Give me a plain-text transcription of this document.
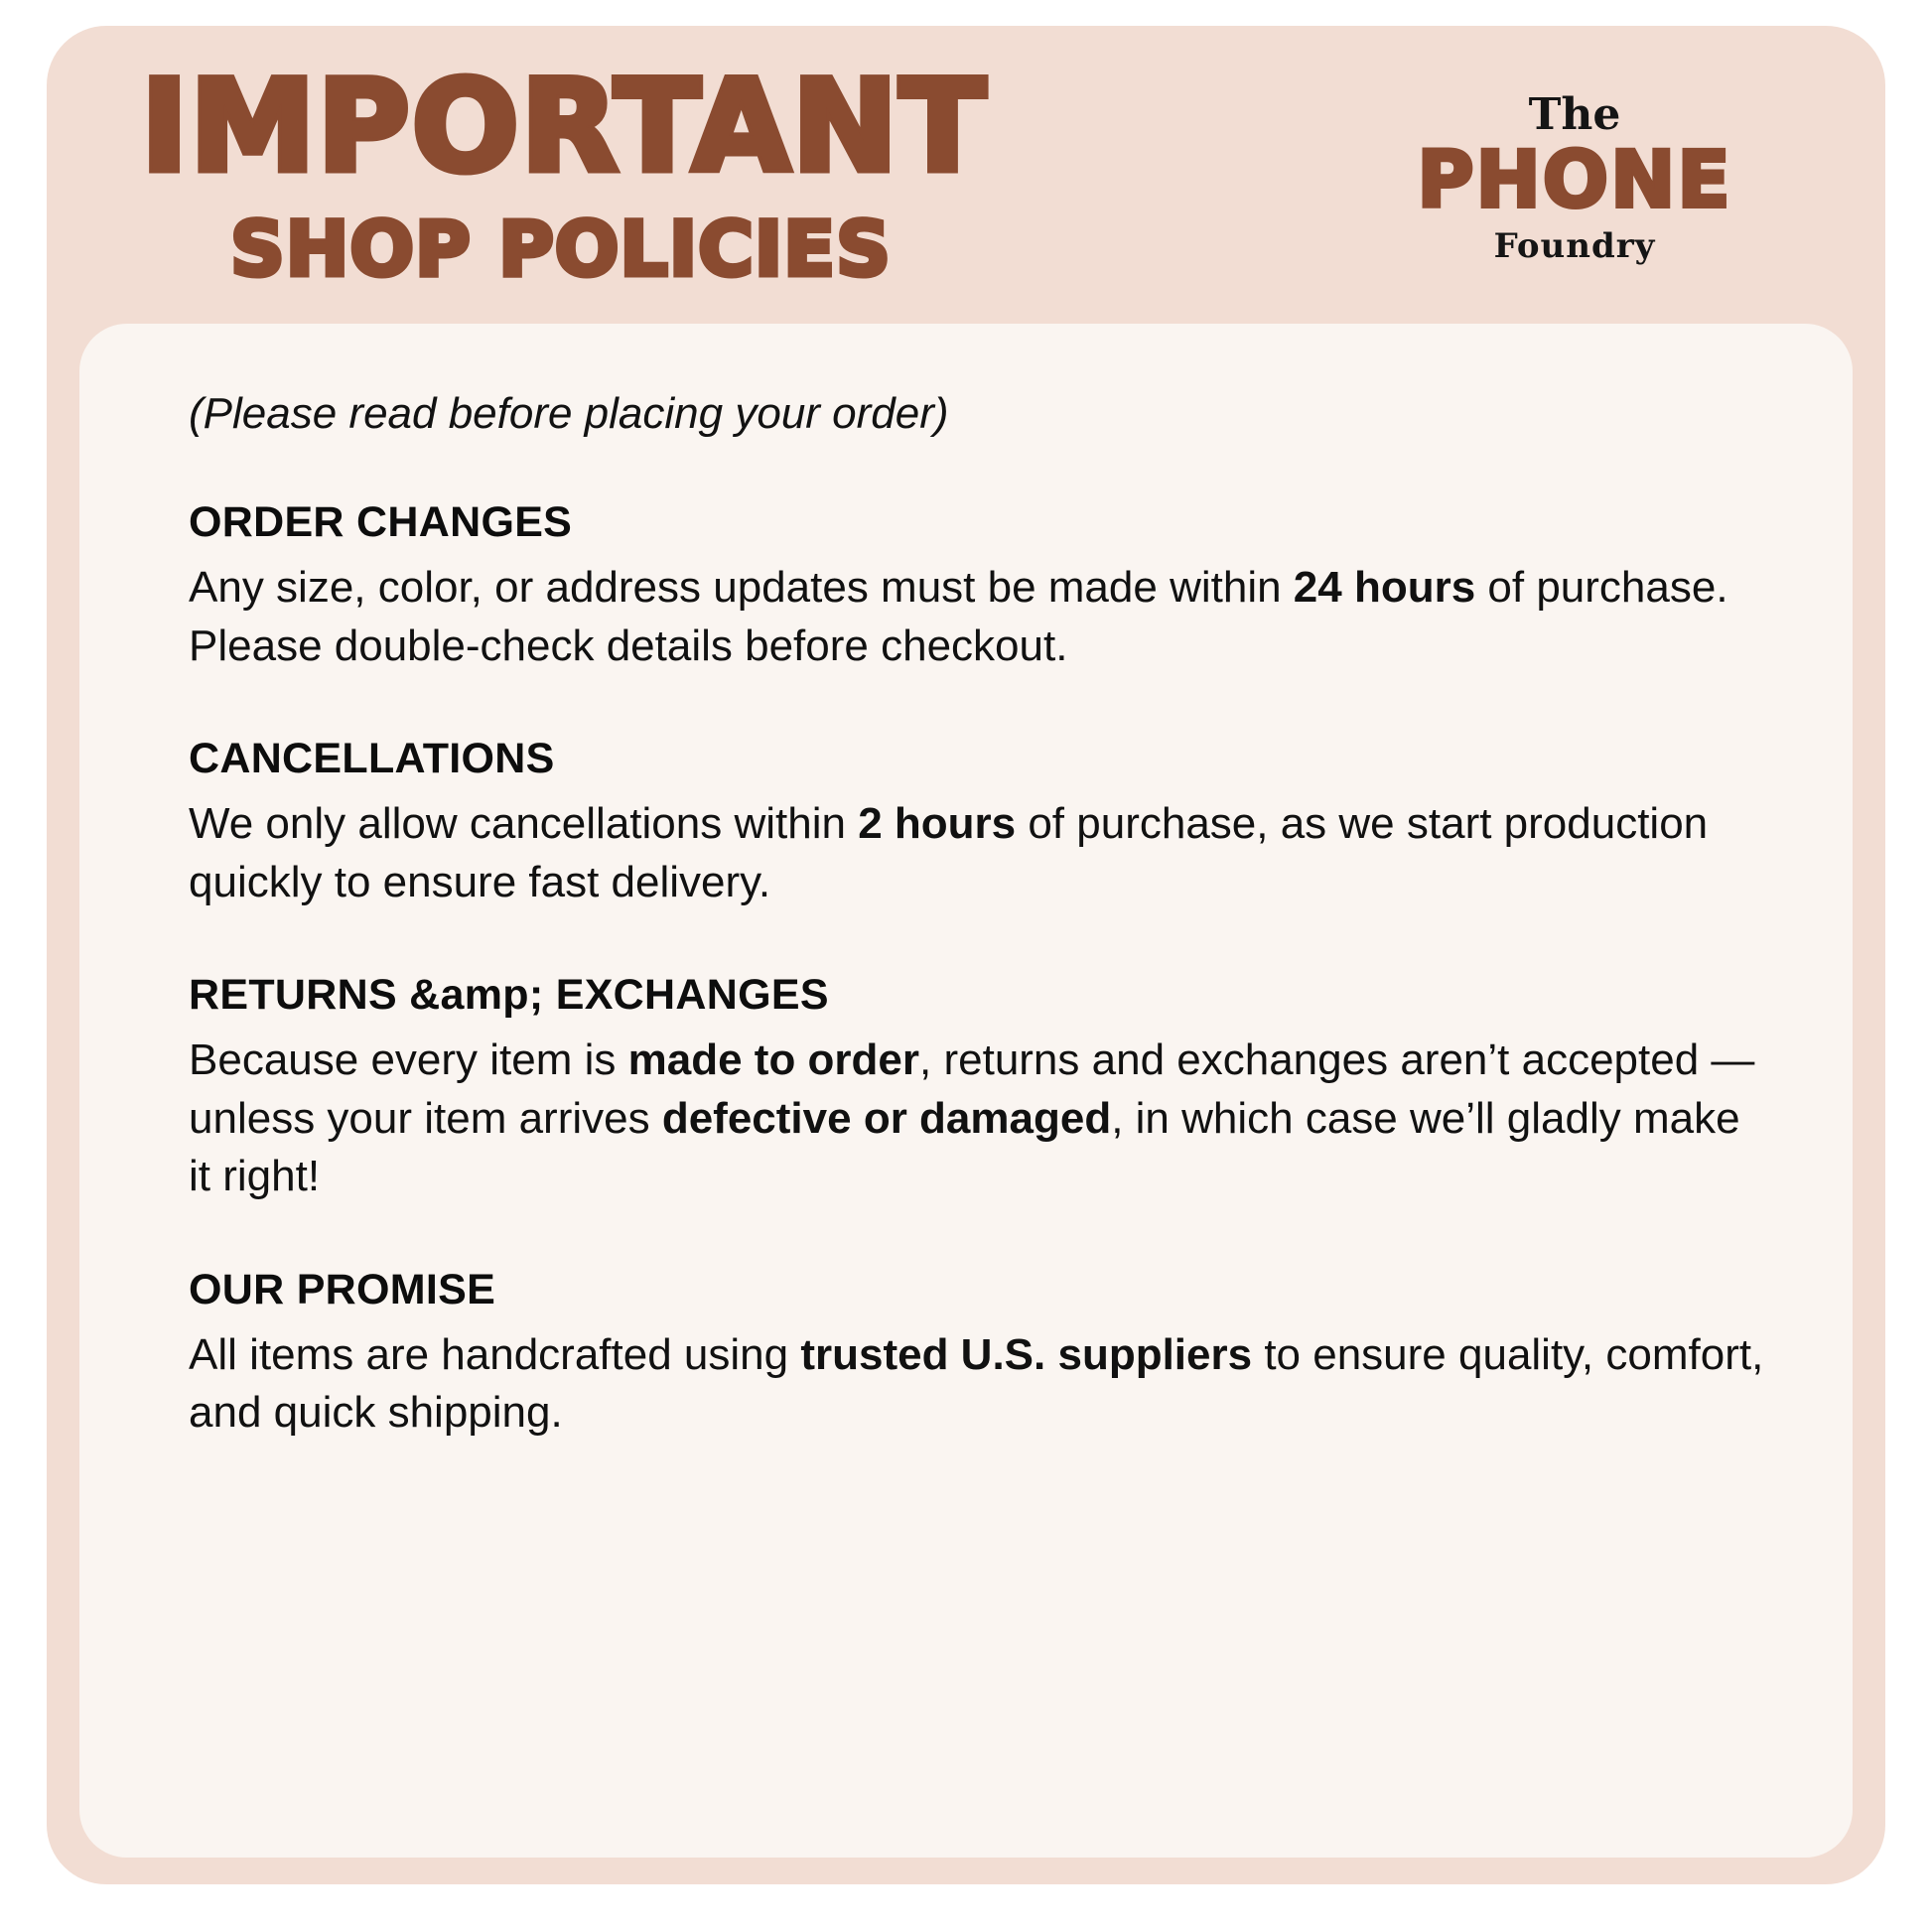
IMPORTANT
SHOP POLICIES
The
PHONE
Foundry

(Please read before placing your order)

ORDER CHANGES

Any size, color, or address updates must be made within 24 hours of purchase. Please double-check details before checkout.

CANCELLATIONS

We only allow cancellations within 2 hours of purchase, as we start production quickly to ensure fast delivery.

RETURNS &amp; EXCHANGES

Because every item is made to order, returns and exchanges aren’t accepted — unless your item arrives defective or damaged, in which case we’ll gladly make it right!

OUR PROMISE

All items are handcrafted using trusted U.S. suppliers to ensure quality, comfort, and quick shipping.
